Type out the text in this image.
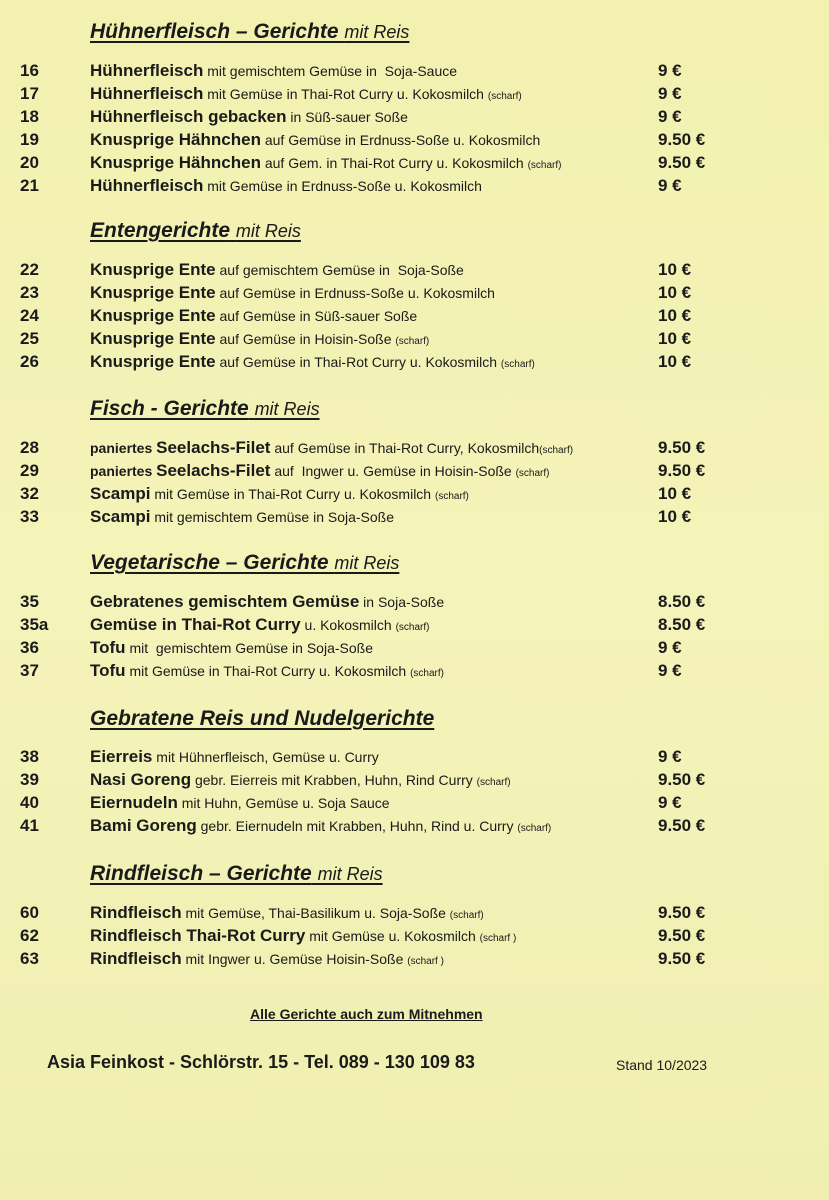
Hühnerfleisch – Gerichte mit Reis
16	Hühnerfleisch mit gemischtem Gemüse in  Soja-Sauce	9 €
17	Hühnerfleisch mit Gemüse in Thai-Rot Curry u. Kokosmilch (scharf)	9 €
18	Hühnerfleisch gebacken in Süß-sauer Soße	9 €
19	Knusprige Hähnchen auf Gemüse in Erdnuss-Soße u. Kokosmilch	9.50 €
20	Knusprige Hähnchen auf Gem. in Thai-Rot Curry u. Kokosmilch (scharf)	9.50 €
21	Hühnerfleisch mit Gemüse in Erdnuss-Soße u. Kokosmilch	9 €
Entengerichte mit Reis
22	Knusprige Ente auf gemischtem Gemüse in  Soja-Soße	10 €
23	Knusprige Ente auf Gemüse in Erdnuss-Soße u. Kokosmilch	10 €
24	Knusprige Ente auf Gemüse in Süß-sauer Soße	10 €
25	Knusprige Ente auf Gemüse in Hoisin-Soße (scharf)	10 €
26	Knusprige Ente auf Gemüse in Thai-Rot Curry u. Kokosmilch (scharf)	10 €
Fisch - Gerichte mit Reis
28	paniertes Seelachs-Filet auf Gemüse in Thai-Rot Curry, Kokosmilch(scharf)	9.50 €
29	paniertes Seelachs-Filet auf  Ingwer u. Gemüse in Hoisin-Soße (scharf)	9.50 €
32	Scampi mit Gemüse in Thai-Rot Curry u. Kokosmilch (scharf)	10 €
33	Scampi mit gemischtem Gemüse in Soja-Soße	10 €
Vegetarische – Gerichte mit Reis
35	Gebratenes gemischtem Gemüse in Soja-Soße	8.50 €
35a Gemüse in Thai-Rot Curry u. Kokosmilch (scharf)	8.50 €
36	Tofu mit  gemischtem Gemüse in Soja-Soße	9 €
37	Tofu mit Gemüse in Thai-Rot Curry u. Kokosmilch (scharf)	9 €
Gebratene Reis und Nudelgerichte
38	Eierreis mit Hühnerfleisch, Gemüse u. Curry	9 €
39	Nasi Goreng gebr. Eierreis mit Krabben, Huhn, Rind Curry (scharf)	9.50 €
40	Eiernudeln mit Huhn, Gemüse u. Soja Sauce	9 €
41	Bami Goreng gebr. Eiernudeln mit Krabben, Huhn, Rind u. Curry (scharf)	9.50 €
Rindfleisch – Gerichte mit Reis
60	Rindfleisch mit Gemüse, Thai-Basilikum u. Soja-Soße (scharf)	9.50 €
62	Rindfleisch Thai-Rot Curry mit Gemüse u. Kokosmilch (scharf )	9.50 €
63	Rindfleisch mit Ingwer u. Gemüse Hoisin-Soße (scharf )	9.50 €
Alle Gerichte auch zum Mitnehmen
Asia Feinkost - Schlörstr. 15 - Tel. 089 - 130 109 83	Stand 10/2023
